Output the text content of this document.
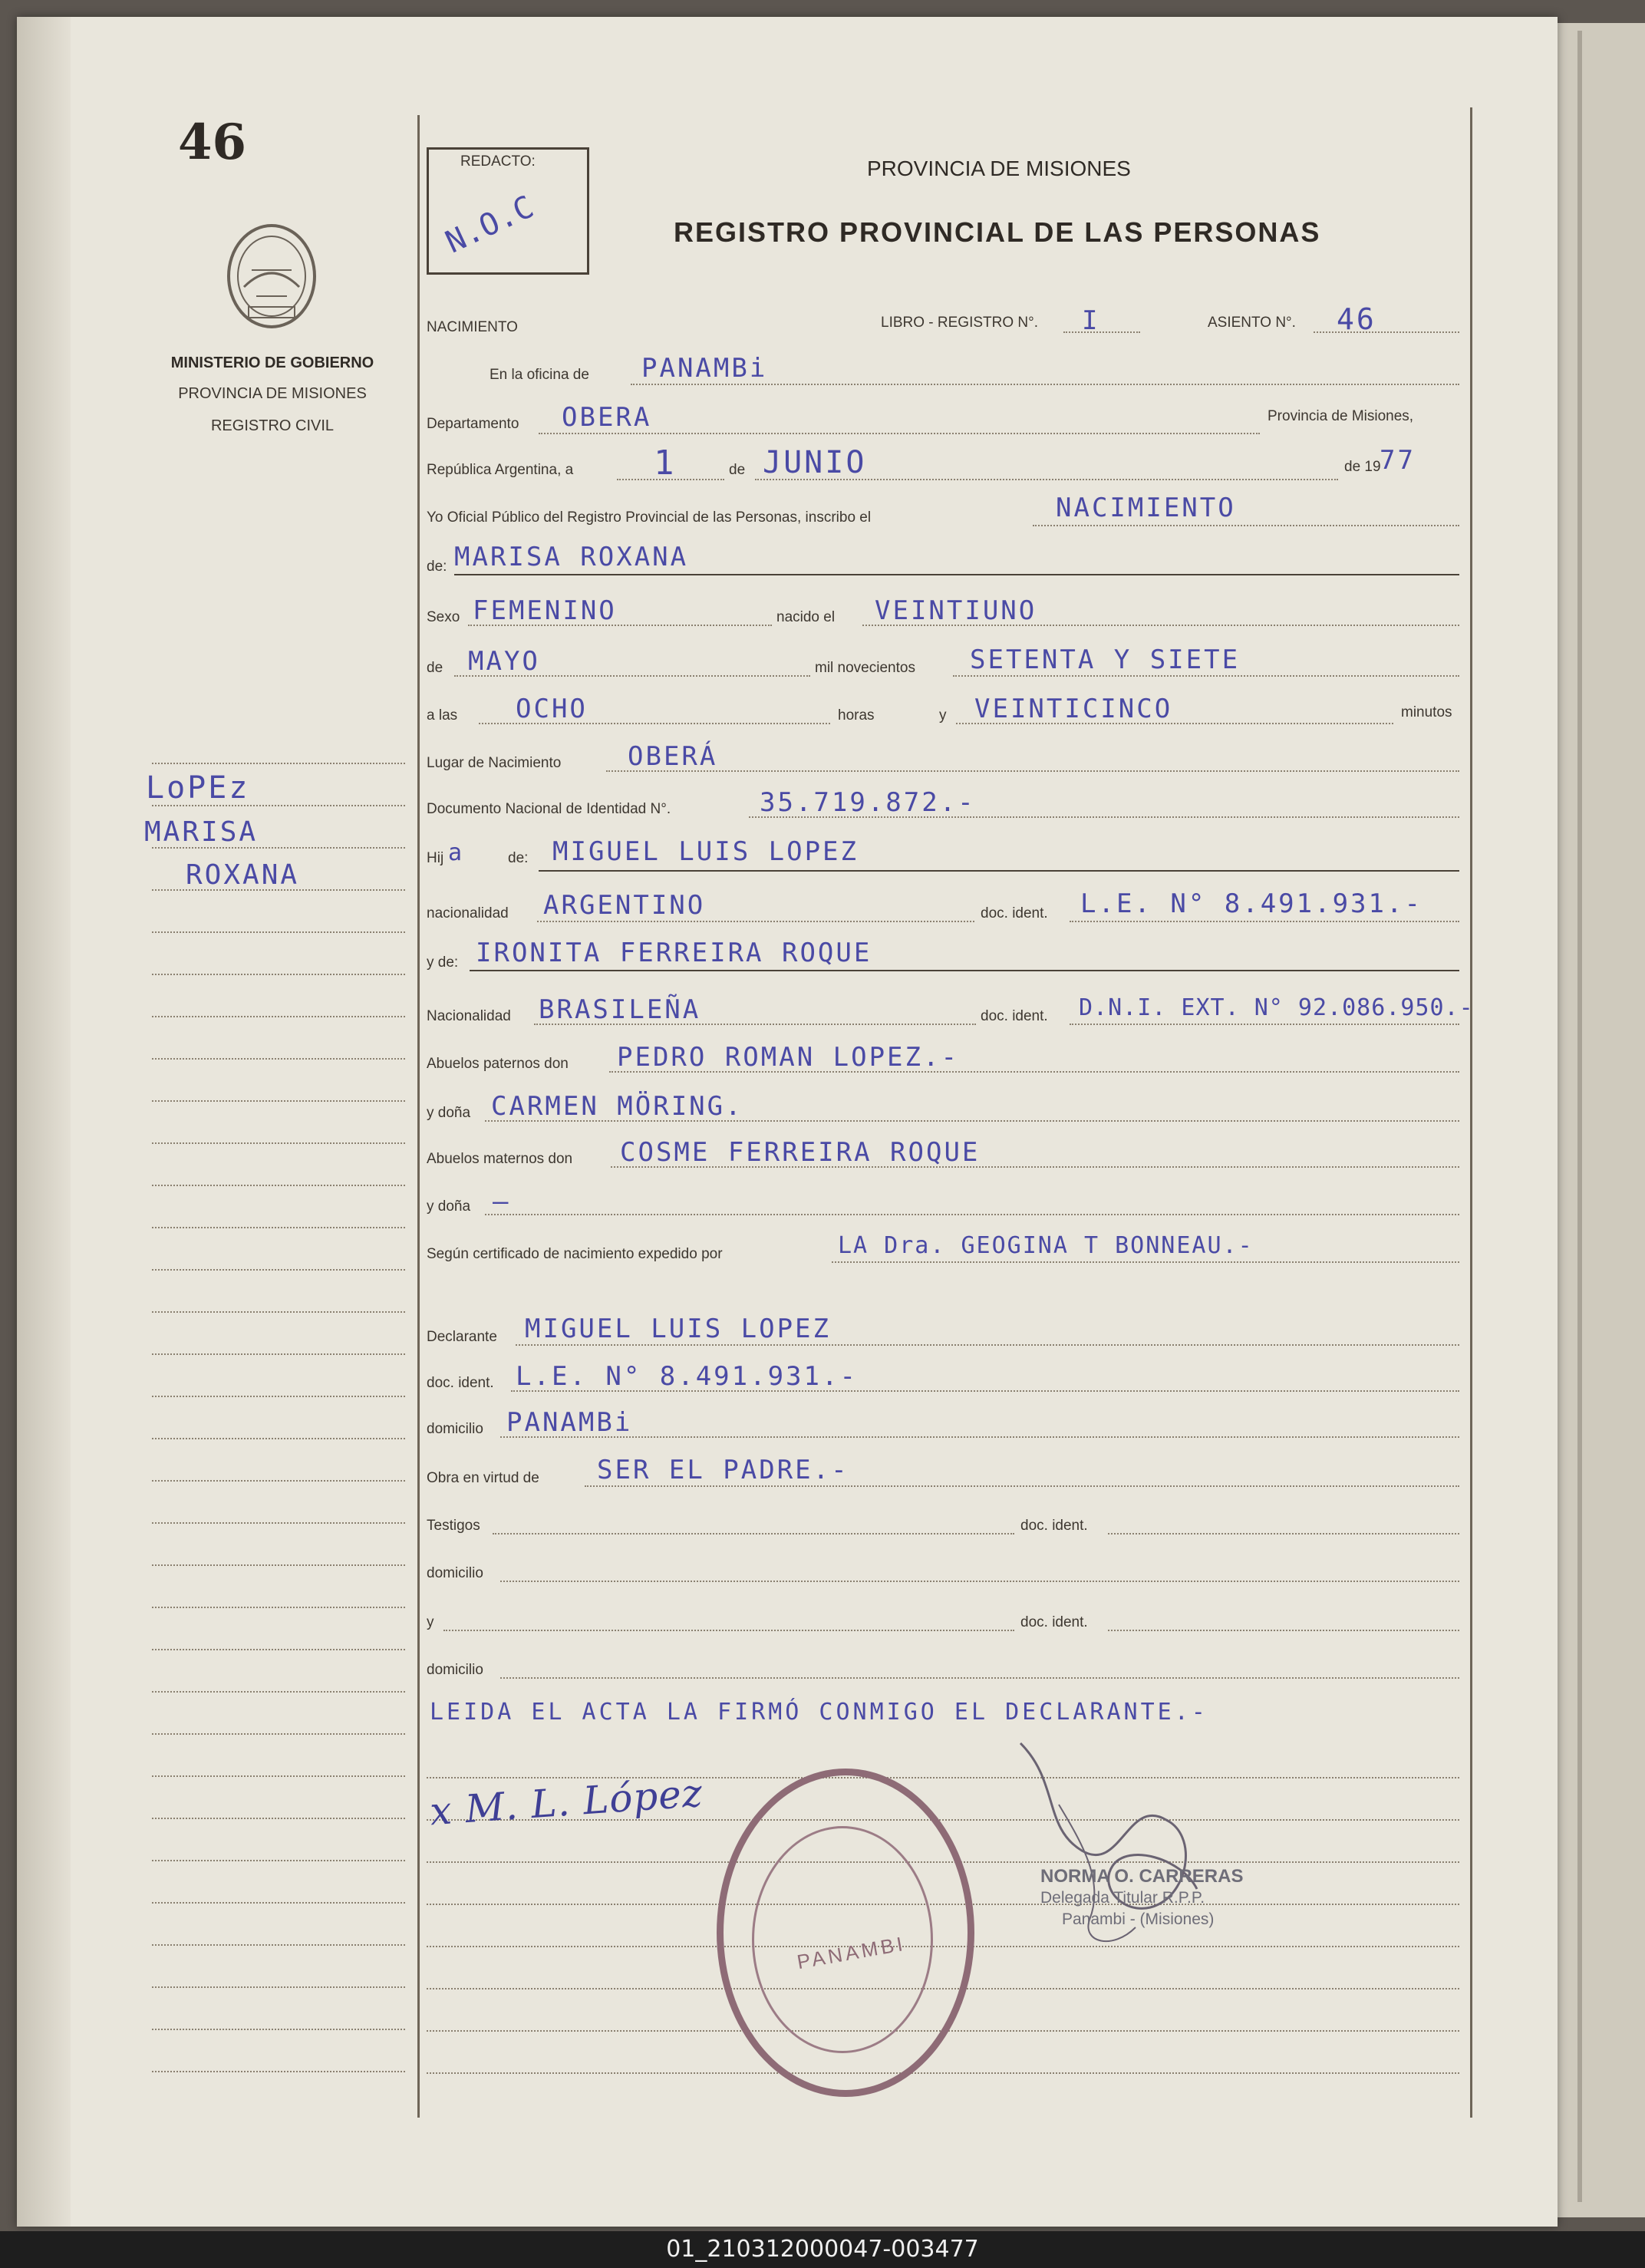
46
MINISTERIO DE GOBIERNO
PROVINCIA DE MISIONES
REGISTRO CIVIL
LoPEz
MARISA
ROXANA
REDACTO:
N.O.C
PROVINCIA DE MISIONES
REGISTRO PROVINCIAL DE LAS PERSONAS
NACIMIENTO	LIBRO - REGISTRO N°. I	ASIENTO N°. 46
En la oficina de PANAMBi
Departamento OBERA	Provincia de Misiones,
República Argentina, a 1	de JUNIO	de 19
77
Yo Oficial Público del Registro Provincial de las Personas, inscribo el	NACIMIENTO
de: MARISA ROXANA
Sexo FEMENINO	nacido el VEINTIUNO
de MAYO	mil novecientos SETENTA Y SIETE
a las OCHO	horas	y VEINTICINCO	minutos
Lugar de Nacimiento	OBERÁ
Documento Nacional de Identidad N°.	35.719.872.-
Hij a	de: MIGUEL LUIS LOPEZ
nacionalidad ARGENTINO	doc. ident. L.E. N° 8.491.931.-
y de: IRONITA FERREIRA ROQUE
Nacionalidad BRASILEÑA	doc. ident. D.N.I. EXT. N° 92.086.950.-
Abuelos paternos don PEDRO ROMAN LOPEZ.-
y doña CARMEN MÖRING.
Abuelos maternos don COSME FERREIRA ROQUE
y doña —
Según certificado de nacimiento expedido por	LA Dra. GEOGINA T BONNEAU.-
Declarante MIGUEL LUIS LOPEZ
doc. ident. L.E. N° 8.491.931.-
domicilio PANAMBi
Obra en virtud de SER EL PADRE.-
Testigos	doc. ident.
domicilio
y	doc. ident.
domicilio
LEIDA EL ACTA LA FIRMÓ CONMIGO EL DECLARANTE.-
x M. L. López
PANAMBI
NORMA O. CARRERAS
Delegada Titular R.P.P.
Panambi - (Misiones)
01_210312000047-003477
